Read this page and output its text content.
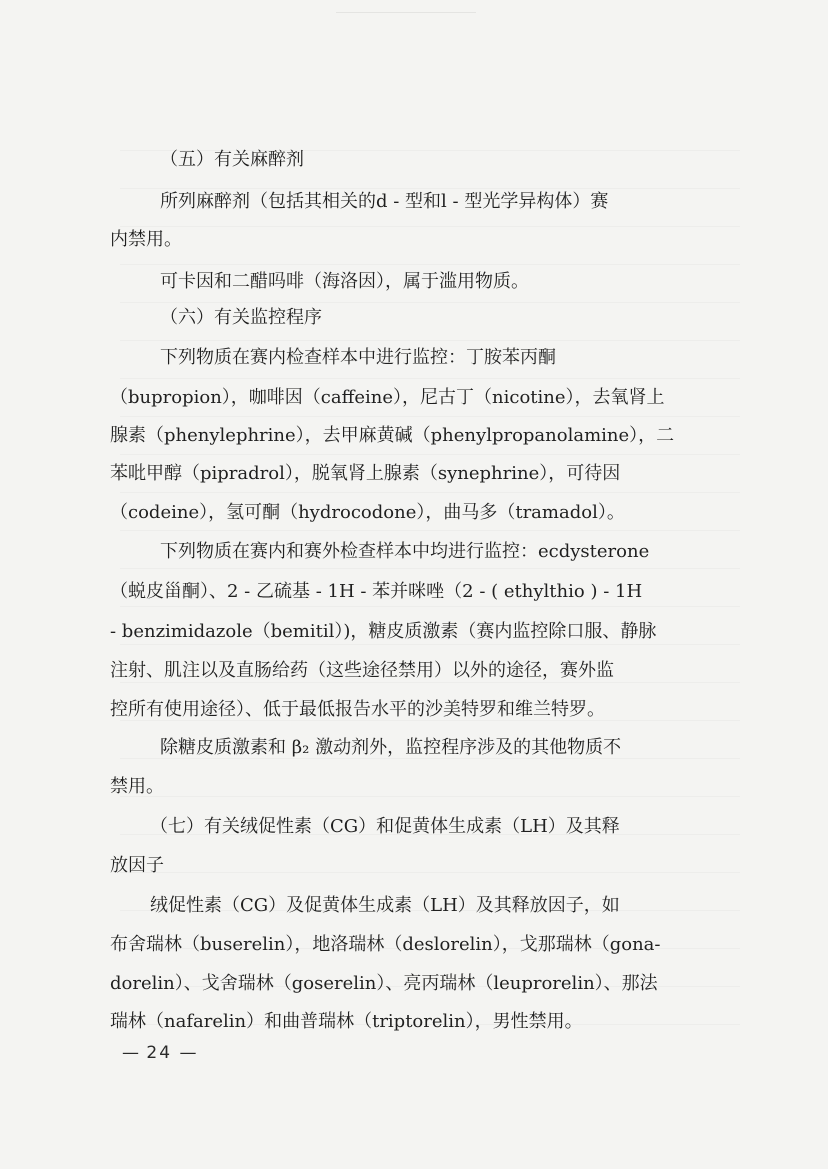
（五）有关麻醉剂
所列麻醉剂（包括其相关的d - 型和l - 型光学异构体）赛
内禁用。
可卡因和二醋吗啡（海洛因），属于滥用物质。
（六）有关监控程序
下列物质在赛内检查样本中进行监控：丁胺苯丙酮
（bupropion），咖啡因（caffeine），尼古丁（nicotine），去氧肾上
腺素（phenylephrine），去甲麻黄碱（phenylpropanolamine），二
苯吡甲醇（pipradrol），脱氧肾上腺素（synephrine），可待因
（codeine），氢可酮（hydrocodone），曲马多（tramadol）。
下列物质在赛内和赛外检查样本中均进行监控：ecdysterone
（蜕皮甾酮）、2 - 乙硫基 - 1H - 苯并咪唑（2 - ( ethylthio ) - 1H
- benzimidazole（bemitil）)，糖皮质激素（赛内监控除口服、静脉
注射、肌注以及直肠给药（这些途径禁用）以外的途径，赛外监
控所有使用途径）、低于最低报告水平的沙美特罗和维兰特罗。
除糖皮质激素和 β₂ 激动剂外，监控程序涉及的其他物质不
禁用。
（七）有关绒促性素（CG）和促黄体生成素（LH）及其释
放因子
绒促性素（CG）及促黄体生成素（LH）及其释放因子，如
布舍瑞林（buserelin），地洛瑞林（deslorelin），戈那瑞林（gona-
dorelin）、戈舍瑞林（goserelin）、亮丙瑞林（leuprorelin）、那法
瑞林（nafarelin）和曲普瑞林（triptorelin），男性禁用。
— 24 —
